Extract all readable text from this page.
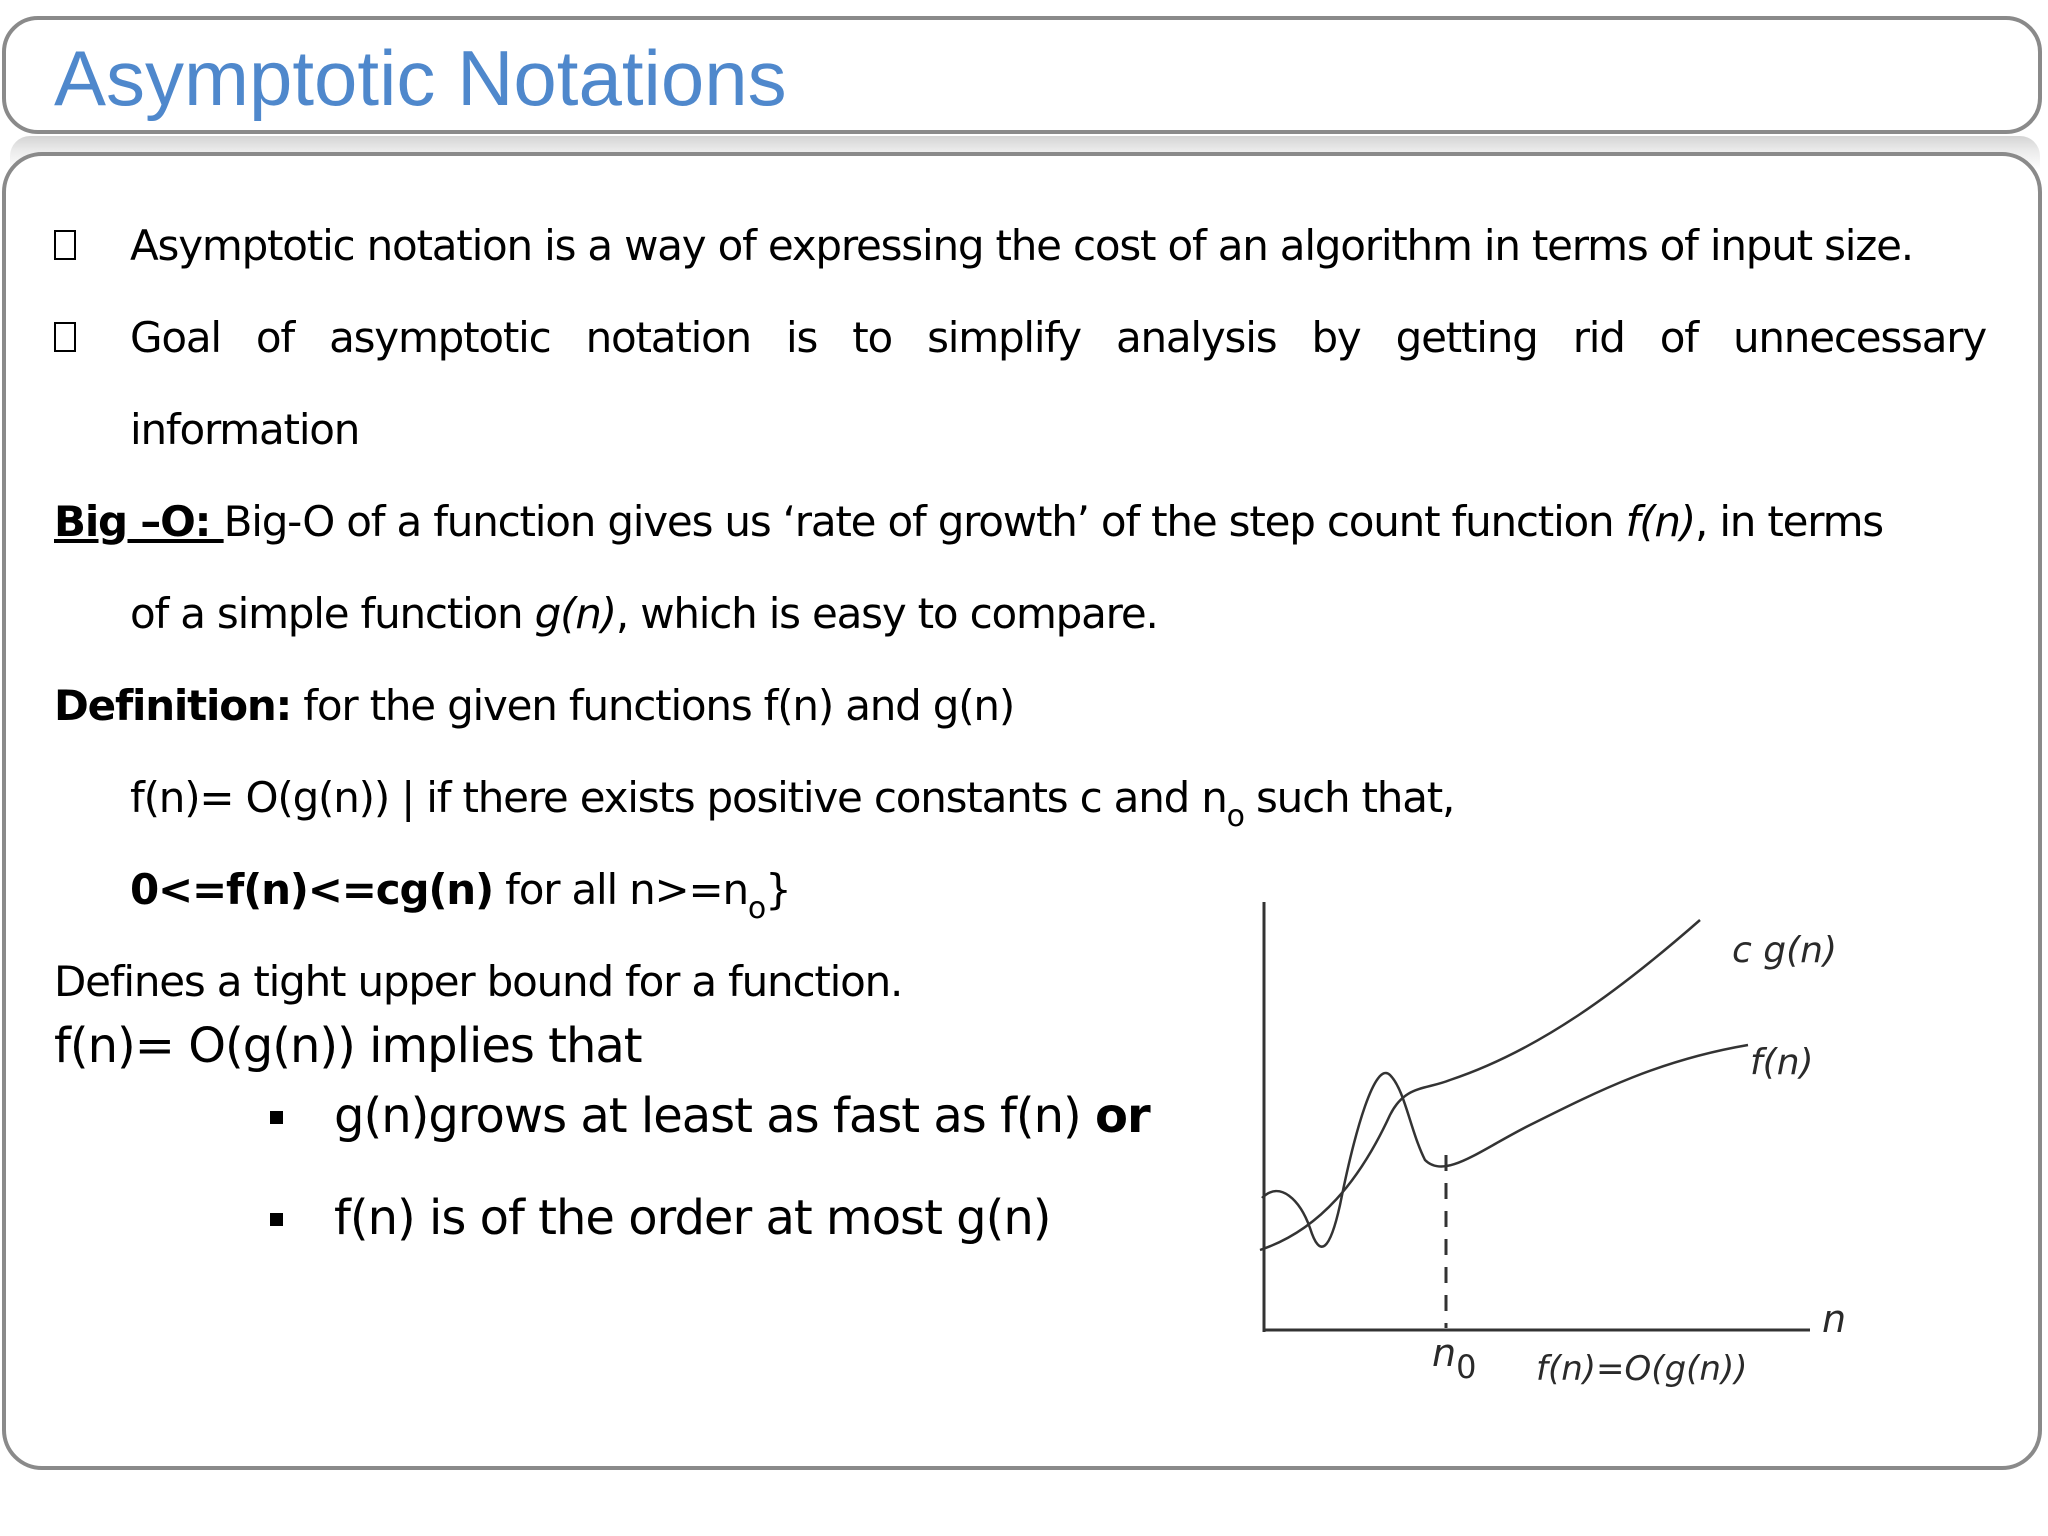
Asymptotic Notations

Asymptotic notation is a way of expressing the cost of an algorithm in terms of input size.

Goal of asymptotic notation is to simplify analysis by getting rid of unnecessary

information

Big –O: Big-O of a function gives us ‘rate of growth’ of the step count function f(n), in terms

of a simple function g(n), which is easy to compare.

Definition: for the given functions f(n) and g(n)

f(n)= O(g(n)) | if there exists positive constants c and $n_o$ such that,

0<=f(n)<=cg(n) for all $n>=n_o$}

Defines a tight upper bound for a function.

f(n)= O(g(n)) implies that

g(n)grows at least as fast as f(n) or

f(n) is of the order at most g(n)

c g(n)
f(n)
n
$n_0$ f(n)=O(g(n))
